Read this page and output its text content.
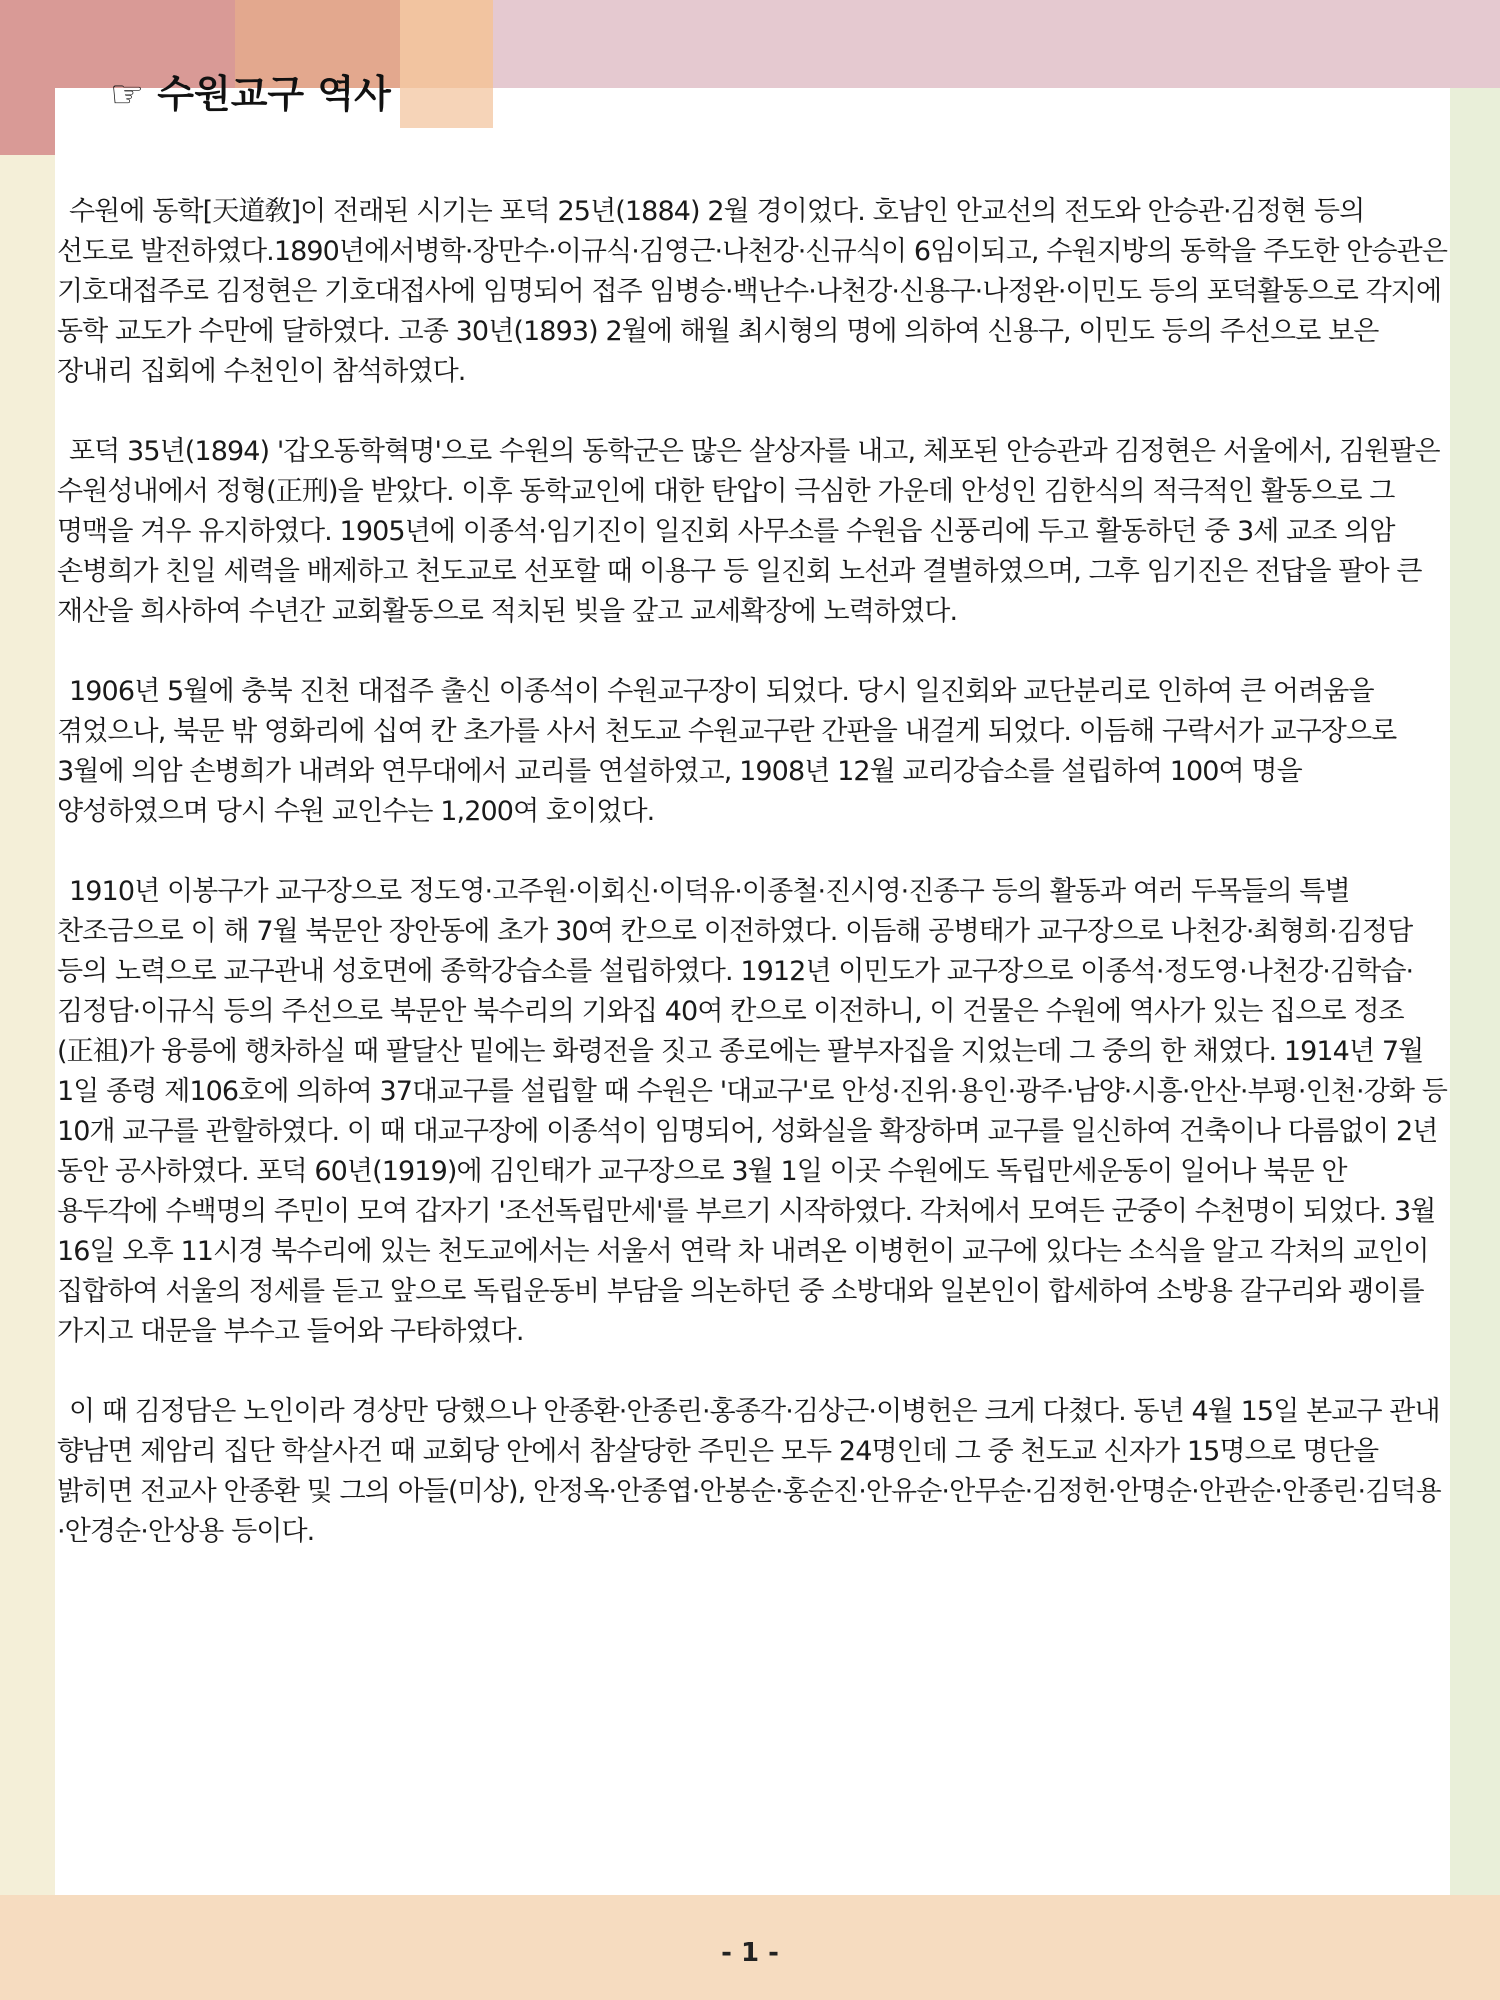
☞ 수원교구 역사

수원에 동학[天道敎]이 전래된 시기는 포덕 25년(1884) 2월 경이었다. 호남인 안교선의 전도와 안승관·김정현 등의 선도로 발전하였다.1890년에서병학·장만수·이규식·김영근·나천강·신규식이 6임이되고, 수원지방의 동학을 주도한 안승관은 기호대접주로 김정현은 기호대접사에 임명되어 접주 임병승·백난수·나천강·신용구·나정완·이민도 등의 포덕활동으로 각지에 동학 교도가 수만에 달하였다. 고종 30년(1893) 2월에 해월 최시형의 명에 의하여 신용구, 이민도 등의 주선으로 보은 장내리 집회에 수천인이 참석하였다.

포덕 35년(1894) '갑오동학혁명'으로 수원의 동학군은 많은 살상자를 내고, 체포된 안승관과 김정현은 서울에서, 김원팔은 수원성내에서 정형(正刑)을 받았다. 이후 동학교인에 대한 탄압이 극심한 가운데 안성인 김한식의 적극적인 활동으로 그 명맥을 겨우 유지하였다. 1905년에 이종석·임기진이 일진회 사무소를 수원읍 신풍리에 두고 활동하던 중 3세 교조 의암 손병희가 친일 세력을 배제하고 천도교로 선포할 때 이용구 등 일진회 노선과 결별하였으며, 그후 임기진은 전답을 팔아 큰 재산을 희사하여 수년간 교회활동으로 적치된 빚을 갚고 교세확장에 노력하였다.

1906년 5월에 충북 진천 대접주 출신 이종석이 수원교구장이 되었다. 당시 일진회와 교단분리로 인하여 큰 어려움을 겪었으나, 북문 밖 영화리에 십여 칸 초가를 사서 천도교 수원교구란 간판을 내걸게 되었다. 이듬해 구락서가 교구장으로 3월에 의암 손병희가 내려와 연무대에서 교리를 연설하였고, 1908년 12월 교리강습소를 설립하여 100여 명을 양성하였으며 당시 수원 교인수는 1,200여 호이었다.

1910년 이봉구가 교구장으로 정도영·고주원·이회신·이덕유·이종철·진시영·진종구 등의 활동과 여러 두목들의 특별 찬조금으로 이 해 7월 북문안 장안동에 초가 30여 칸으로 이전하였다. 이듬해 공병태가 교구장으로 나천강·최형희·김정담 등의 노력으로 교구관내 성호면에 종학강습소를 설립하였다. 1912년 이민도가 교구장으로 이종석·정도영·나천강·김학습·김정담·이규식 등의 주선으로 북문안 북수리의 기와집 40여 칸으로 이전하니, 이 건물은 수원에 역사가 있는 집으로 정조(正祖)가 융릉에 행차하실 때 팔달산 밑에는 화령전을 짓고 종로에는 팔부자집을 지었는데 그 중의 한 채였다. 1914년 7월 1일 종령 제106호에 의하여 37대교구를 설립할 때 수원은 '대교구'로 안성·진위·용인·광주·남양·시흥·안산·부평·인천·강화 등 10개 교구를 관할하였다. 이 때 대교구장에 이종석이 임명되어, 성화실을 확장하며 교구를 일신하여 건축이나 다름없이 2년 동안 공사하였다. 포덕 60년(1919)에 김인태가 교구장으로 3월 1일 이곳 수원에도 독립만세운동이 일어나 북문 안 용두각에 수백명의 주민이 모여 갑자기 '조선독립만세'를 부르기 시작하였다. 각처에서 모여든 군중이 수천명이 되었다. 3월 16일 오후 11시경 북수리에 있는 천도교에서는 서울서 연락 차 내려온 이병헌이 교구에 있다는 소식을 알고 각처의 교인이 집합하여 서울의 정세를 듣고 앞으로 독립운동비 부담을 의논하던 중 소방대와 일본인이 합세하여 소방용 갈구리와 괭이를 가지고 대문을 부수고 들어와 구타하였다.

이 때 김정담은 노인이라 경상만 당했으나 안종환·안종린·홍종각·김상근·이병헌은 크게 다쳤다. 동년 4월 15일 본교구 관내 향남면 제암리 집단 학살사건 때 교회당 안에서 참살당한 주민은 모두 24명인데 그 중 천도교 신자가 15명으로 명단을 밝히면 전교사 안종환 및 그의 아들(미상), 안정옥·안종엽·안봉순·홍순진·안유순·안무순·김정헌·안명순·안관순·안종린·김덕용·안경순·안상용 등이다.

- 1 -
